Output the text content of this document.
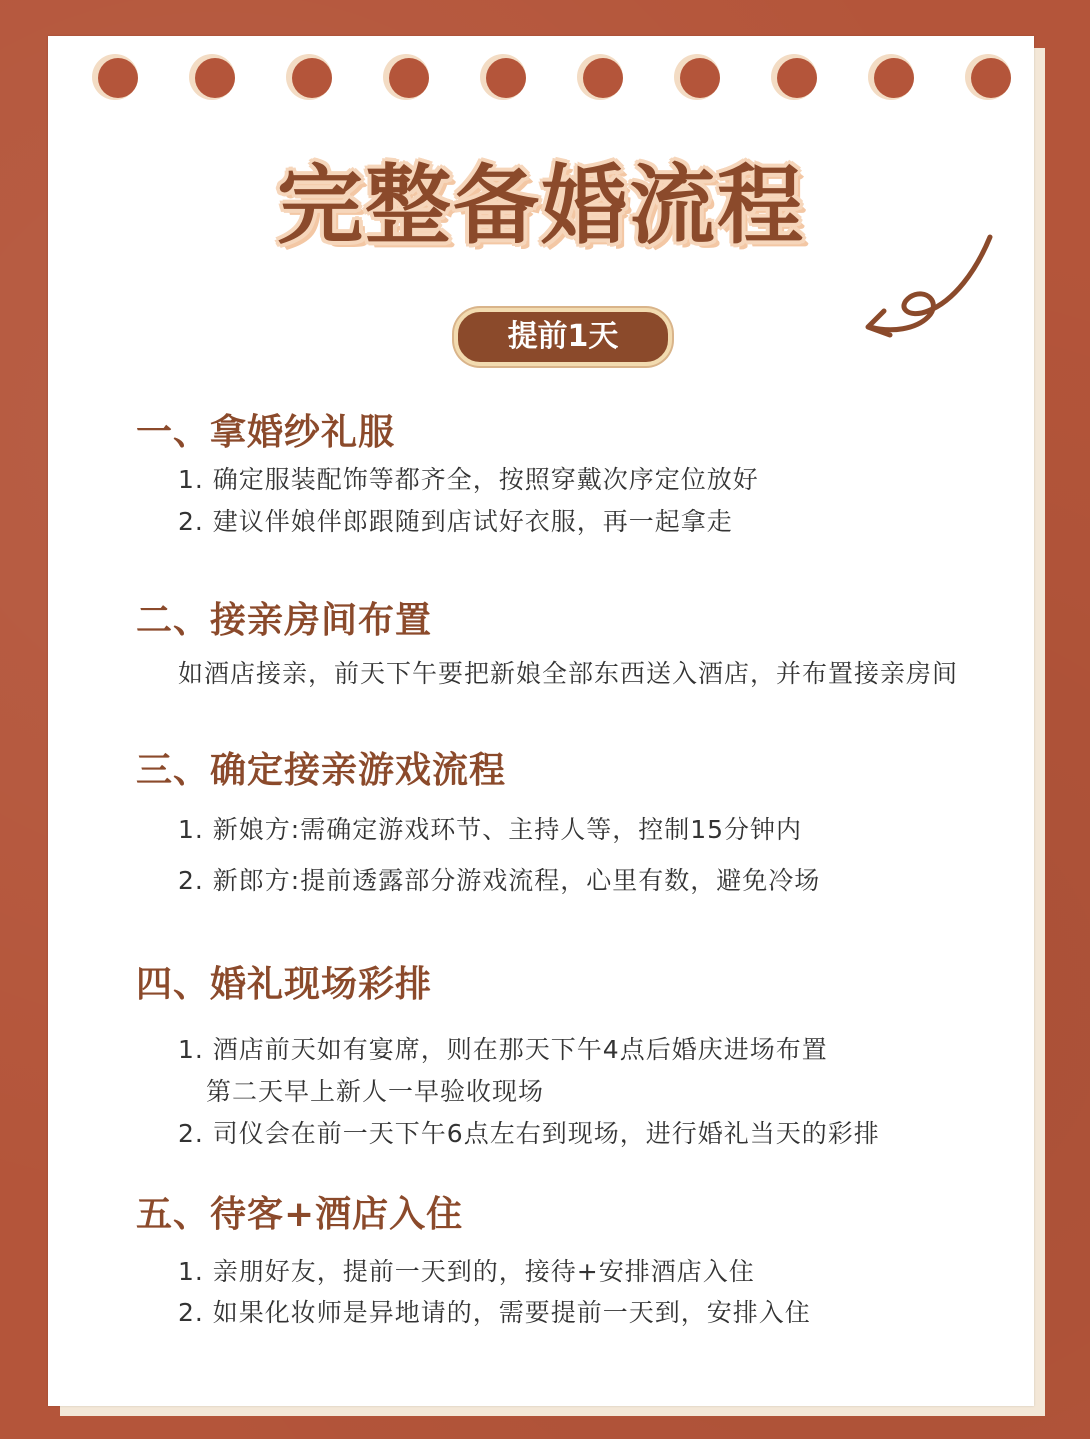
完整备婚流程
提前1天
一、拿婚纱礼服
1. 确定服装配饰等都齐全，按照穿戴次序定位放好
2. 建议伴娘伴郎跟随到店试好衣服，再一起拿走
二、接亲房间布置
如酒店接亲，前天下午要把新娘全部东西送入酒店，并布置接亲房间
三、确定接亲游戏流程
1. 新娘方:需确定游戏环节、主持人等，控制15分钟内
2. 新郎方:提前透露部分游戏流程，心里有数，避免冷场
四、婚礼现场彩排
1. 酒店前天如有宴席，则在那天下午4点后婚庆进场布置
第二天早上新人一早验收现场
2. 司仪会在前一天下午6点左右到现场，进行婚礼当天的彩排
五、待客+酒店入住
1. 亲朋好友，提前一天到的，接待+安排酒店入住
2. 如果化妆师是异地请的，需要提前一天到，安排入住
